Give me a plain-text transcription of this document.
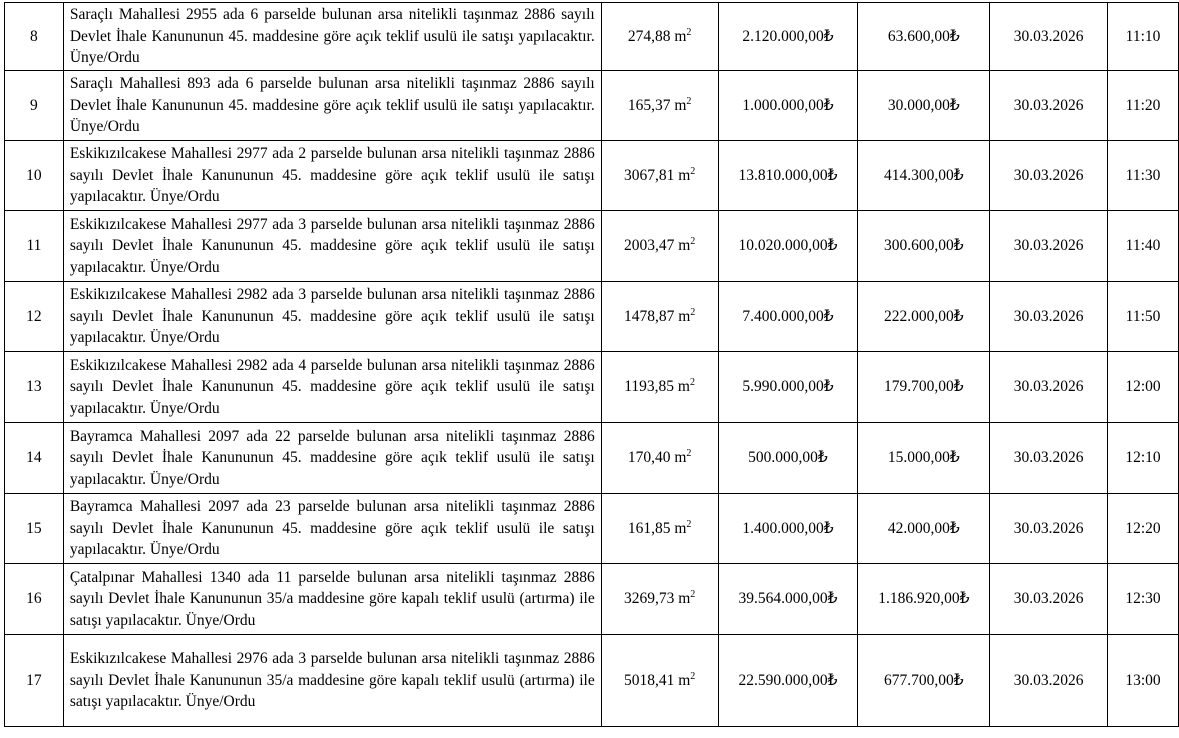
8	Saraçlı Mahallesi 2955 ada 6 parselde bulunan arsa nitelikli taşınmaz 2886 sayılı Devlet İhale Kanununun 45. maddesine göre açık teklif usulü ile satışı yapılacaktır. Ünye/Ordu	274,88 $m^2$	2.120.000,00₺	63.600,00₺	30.03.2026	11:10
9	Saraçlı Mahallesi 893 ada 6 parselde bulunan arsa nitelikli taşınmaz 2886 sayılı Devlet İhale Kanununun 45. maddesine göre açık teklif usulü ile satışı yapılacaktır. Ünye/Ordu	165,37 $m^2$	1.000.000,00₺	30.000,00₺	30.03.2026	11:20
10	Eskikızılcakese Mahallesi 2977 ada 2 parselde bulunan arsa nitelikli taşınmaz 2886 sayılı Devlet İhale Kanununun 45. maddesine göre açık teklif usulü ile satışı yapılacaktır. Ünye/Ordu	3067,81 $m^2$	13.810.000,00₺	414.300,00₺	30.03.2026	11:30
11	Eskikızılcakese Mahallesi 2977 ada 3 parselde bulunan arsa nitelikli taşınmaz 2886 sayılı Devlet İhale Kanununun 45. maddesine göre açık teklif usulü ile satışı yapılacaktır. Ünye/Ordu	2003,47 $m^2$	10.020.000,00₺	300.600,00₺	30.03.2026	11:40
12	Eskikızılcakese Mahallesi 2982 ada 3 parselde bulunan arsa nitelikli taşınmaz 2886 sayılı Devlet İhale Kanununun 45. maddesine göre açık teklif usulü ile satışı yapılacaktır. Ünye/Ordu	1478,87 $m^2$	7.400.000,00₺	222.000,00₺	30.03.2026	11:50
13	Eskikızılcakese Mahallesi 2982 ada 4 parselde bulunan arsa nitelikli taşınmaz 2886 sayılı Devlet İhale Kanununun 45. maddesine göre açık teklif usulü ile satışı yapılacaktır. Ünye/Ordu	1193,85 $m^2$	5.990.000,00₺	179.700,00₺	30.03.2026	12:00
14	Bayramca Mahallesi 2097 ada 22 parselde bulunan arsa nitelikli taşınmaz 2886 sayılı Devlet İhale Kanununun 45. maddesine göre açık teklif usulü ile satışı yapılacaktır. Ünye/Ordu	170,40 $m^2$	500.000,00₺	15.000,00₺	30.03.2026	12:10
15	Bayramca Mahallesi 2097 ada 23 parselde bulunan arsa nitelikli taşınmaz 2886 sayılı Devlet İhale Kanununun 45. maddesine göre açık teklif usulü ile satışı yapılacaktır. Ünye/Ordu	161,85 $m^2$	1.400.000,00₺	42.000,00₺	30.03.2026	12:20
16	Çatalpınar Mahallesi 1340 ada 11 parselde bulunan arsa nitelikli taşınmaz 2886 sayılı Devlet İhale Kanununun 35/a maddesine göre kapalı teklif usulü (artırma) ile satışı yapılacaktır. Ünye/Ordu	3269,73 $m^2$	39.564.000,00₺	1.186.920,00₺	30.03.2026	12:30
17	Eskikızılcakese Mahallesi 2976 ada 3 parselde bulunan arsa nitelikli taşınmaz 2886 sayılı Devlet İhale Kanununun 35/a maddesine göre kapalı teklif usulü (artırma) ile satışı yapılacaktır. Ünye/Ordu	5018,41 $m^2$	22.590.000,00₺	677.700,00₺	30.03.2026	13:00
